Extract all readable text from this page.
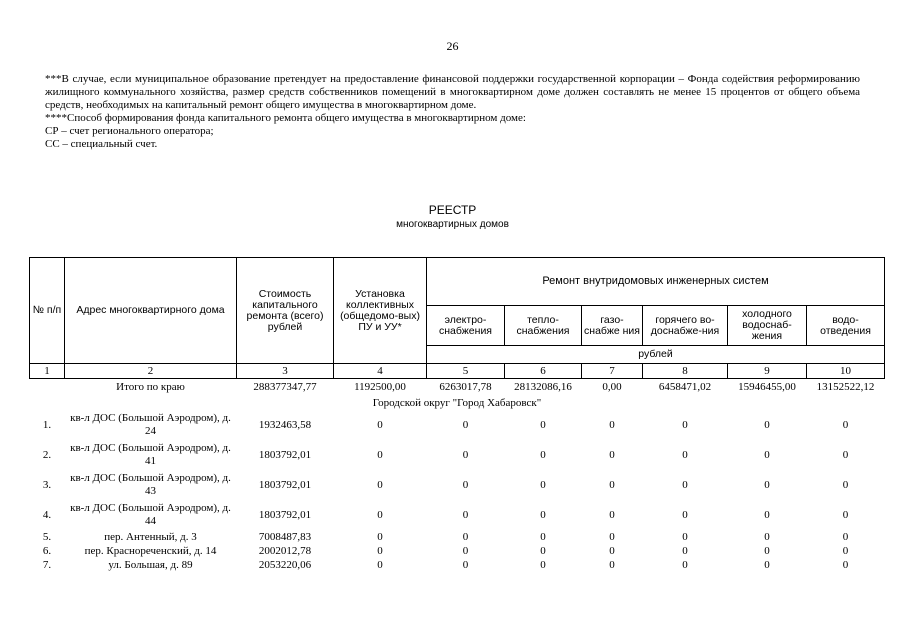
26

***В случае, если муниципальное образование претендует на предоставление финансовой поддержки государственной корпорации – Фонда содействия реформированию жилищного коммунального хозяйства, размер средств собственников помещений в многоквартирном доме должен составлять не менее 15 процентов от общего объема средств, необходимых на капитальный ремонт общего имущества в многоквартирном доме.

****Способ формирования фонда капитального ремонта общего имущества в многоквартирном доме:

СР – счет регионального оператора;

СС – специальный счет.

РЕЕСТР
многоквартирных домов
№ п/п	Адрес многоквартирного дома	Стоимость капитального ремонта (всего) рублей	Установка коллективных (общедомо-вых) ПУ и УУ*	Ремонт внутридомовых инженерных систем					
				электро-снабжения	тепло-снабжения	газо-снабже ния	горячего во-доснабже-ния	холодного водоснаб-жения	водо-отведения
				рублей					
1	2	3	4	5	6	7	8	9	10
	Итого по краю	288377347,77	1192500,00	6263017,78	28132086,16	0,00	6458471,02	15946455,00	13152522,12
Городской округ "Город Хабаровск"									
1.	кв-л ДОС (Большой Аэродром), д. 24	1932463,58	0	0	0	0	0	0	0
2.	кв-л ДОС (Большой Аэродром), д. 41	1803792,01	0	0	0	0	0	0	0
3.	кв-л ДОС (Большой Аэродром), д. 43	1803792,01	0	0	0	0	0	0	0
4.	кв-л ДОС (Большой Аэродром), д. 44	1803792,01	0	0	0	0	0	0	0
5.	пер. Антенный, д. 3	7008487,83	0	0	0	0	0	0	0
6.	пер. Краснореченский, д. 14	2002012,78	0	0	0	0	0	0	0
7.	ул. Большая, д. 89	2053220,06	0	0	0	0	0	0	0
